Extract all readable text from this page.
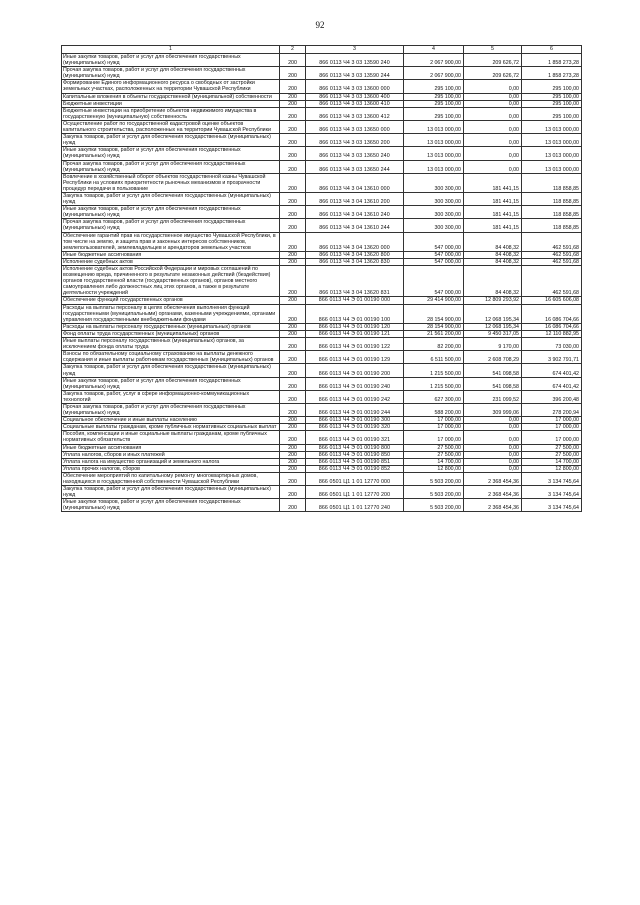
92
1	2	3	4	5	6
Иные закупки товаров, работ и услуг для обеспечения государственных (муниципальных) нужд	200	866 0113 Ч4 3 03 13590 240	2 067 900,00	209 626,72	1 858 273,28
Прочая закупка товаров, работ и услуг для обеспечения государственных (муниципальных) нужд	200	866 0113 Ч4 3 03 13590 244	2 067 900,00	209 626,72	1 858 273,28
Формирование Единого информационного ресурса о свободных от застройки земельных участках, расположенных на территории Чувашской Республики	200	866 0113 Ч4 3 03 13600 000	295 100,00	0,00	295 100,00
Капитальные вложения в объекты государственной (муниципальной) собственности	200	866 0113 Ч4 3 03 13600 400	295 100,00	0,00	295 100,00
Бюджетные инвестиции	200	866 0113 Ч4 3 03 13600 410	295 100,00	0,00	295 100,00
Бюджетные инвестиции на приобретение объектов недвижимого имущества в государственную (муниципальную) собственность	200	866 0113 Ч4 3 03 13600 412	295 100,00	0,00	295 100,00
Осуществление работ по государственной кадастровой оценке объектов капитального строительства, расположенных на территории Чувашской Республики	200	866 0113 Ч4 3 03 13650 000	13 013 000,00	0,00	13 013 000,00
Закупка товаров, работ и услуг для обеспечения государственных (муниципальных) нужд	200	866 0113 Ч4 3 03 13650 200	13 013 000,00	0,00	13 013 000,00
Иные закупки товаров, работ и услуг для обеспечения государственных (муниципальных) нужд	200	866 0113 Ч4 3 03 13650 240	13 013 000,00	0,00	13 013 000,00
Прочая закупка товаров, работ и услуг для обеспечения государственных (муниципальных) нужд	200	866 0113 Ч4 3 03 13650 244	13 013 000,00	0,00	13 013 000,00
Вовлечение в хозяйственный оборот объектов государственной казны Чувашской Республики на условиях приоритетности рыночных механизмов и прозрачности процедур передачи в пользование	200	866 0113 Ч4 3 04 13610 000	300 300,00	181 441,15	118 858,85
Закупка товаров, работ и услуг для обеспечения государственных (муниципальных) нужд	200	866 0113 Ч4 3 04 13610 200	300 300,00	181 441,15	118 858,85
Иные закупки товаров, работ и услуг для обеспечения государственных (муниципальных) нужд	200	866 0113 Ч4 3 04 13610 240	300 300,00	181 441,15	118 858,85
Прочая закупка товаров, работ и услуг для обеспечения государственных (муниципальных) нужд	200	866 0113 Ч4 3 04 13610 244	300 300,00	181 441,15	118 858,85
Обеспечение гарантий прав на государственное имущество Чувашской Республики, в том числе на землю, и защита прав и законных интересов собственников, землепользователей, землевладельцев и арендаторов земельных участков	200	866 0113 Ч4 3 04 13620 000	547 000,00	84 408,32	462 591,68
Иные бюджетные ассигнования	200	866 0113 Ч4 3 04 13620 800	547 000,00	84 408,32	462 591,68
Исполнение судебных актов	200	866 0113 Ч4 3 04 13620 830	547 000,00	84 408,32	462 591,68
Исполнение судебных актов Российской Федерации и мировых соглашений по возмещению вреда, причиненного в результате незаконных действий (бездействия) органов государственной власти (государственных органов), органов местного самоуправления либо должностных лиц этих органов, а также в результате деятельности учреждений	200	866 0113 Ч4 3 04 13620 831	547 000,00	84 408,32	462 591,68
Обеспечение функций государственных органов	200	866 0113 Ч4 Э 01 00190 000	29 414 900,00	12 809 293,92	16 605 606,08
Расходы на выплаты персоналу в целях обеспечения выполнения функций государственными (муниципальными) органами, казенными учреждениями, органами управления государственными внебюджетными фондами	200	866 0113 Ч4 Э 01 00190 100	28 154 900,00	12 068 195,34	16 086 704,66
Расходы на выплаты персоналу государственных (муниципальных) органов	200	866 0113 Ч4 Э 01 00190 120	28 154 900,00	12 068 195,34	16 086 704,66
Фонд оплаты труда государственных (муниципальных) органов	200	866 0113 Ч4 Э 01 00190 121	21 561 200,00	9 450 317,05	12 110 882,95
Иные выплаты персоналу государственных (муниципальных) органов, за исключением фонда оплаты труда	200	866 0113 Ч4 Э 01 00190 122	82 200,00	9 170,00	73 030,00
Взносы по обязательному социальному страхованию на выплаты денежного содержания и иные выплаты работникам государственных (муниципальных) органов	200	866 0113 Ч4 Э 01 00190 129	6 511 500,00	2 608 708,29	3 902 791,71
Закупка товаров, работ и услуг для обеспечения государственных (муниципальных) нужд	200	866 0113 Ч4 Э 01 00190 200	1 215 500,00	541 098,58	674 401,42
Иные закупки товаров, работ и услуг для обеспечения государственных (муниципальных) нужд	200	866 0113 Ч4 Э 01 00190 240	1 215 500,00	541 098,58	674 401,42
Закупка товаров, работ, услуг в сфере информационно-коммуникационных технологий	200	866 0113 Ч4 Э 01 00190 242	627 300,00	231 099,52	396 200,48
Прочая закупка товаров, работ и услуг для обеспечения государственных (муниципальных) нужд	200	866 0113 Ч4 Э 01 00190 244	588 200,00	309 999,06	278 200,94
Социальное обеспечение и иные выплаты населению	200	866 0113 Ч4 Э 01 00190 300	17 000,00	0,00	17 000,00
Социальные выплаты гражданам, кроме публичных нормативных социальных выплат	200	866 0113 Ч4 Э 01 00190 320	17 000,00	0,00	17 000,00
Пособия, компенсации и иные социальные выплаты гражданам, кроме публичных нормативных обязательств	200	866 0113 Ч4 Э 01 00190 321	17 000,00	0,00	17 000,00
Иные бюджетные ассигнования	200	866 0113 Ч4 Э 01 00190 800	27 500,00	0,00	27 500,00
Уплата налогов, сборов и иных платежей	200	866 0113 Ч4 Э 01 00190 850	27 500,00	0,00	27 500,00
Уплата налога на имущество организаций и земельного налога	200	866 0113 Ч4 Э 01 00190 851	14 700,00	0,00	14 700,00
Уплата прочих налогов, сборов	200	866 0113 Ч4 Э 01 00190 852	12 800,00	0,00	12 800,00
Обеспечение мероприятий по капитальному ремонту многоквартирных домов, находящихся в государственной собственности Чувашской Республики	200	866 0501 Ц1 1 01 12770 000	5 503 200,00	2 368 454,36	3 134 745,64
Закупка товаров, работ и услуг для обеспечения государственных (муниципальных) нужд	200	866 0501 Ц1 1 01 12770 200	5 503 200,00	2 368 454,36	3 134 745,64
Иные закупки товаров, работ и услуг для обеспечения государственных (муниципальных) нужд	200	866 0501 Ц1 1 01 12770 240	5 503 200,00	2 368 454,36	3 134 745,64
